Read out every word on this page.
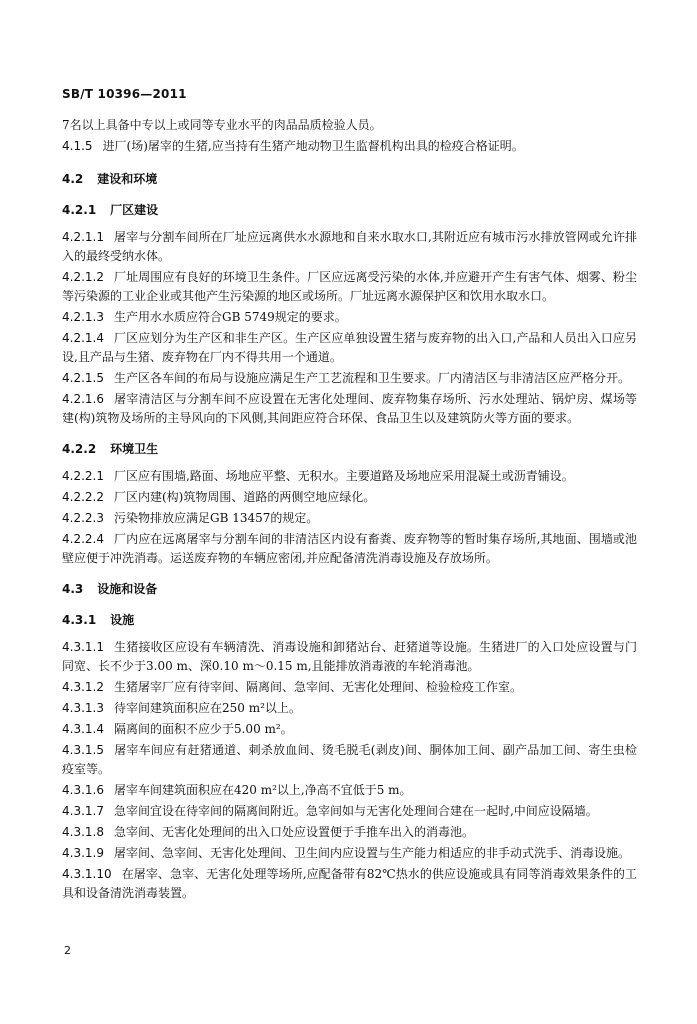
SB/T 10396—2011

7名以上具备中专以上或同等专业水平的肉品品质检验人员。

4.1.5 进厂(场)屠宰的生猪,应当持有生猪产地动物卫生监督机构出具的检疫合格证明。

4.2 建设和环境
4.2.1 厂区建设

4.2.1.1 屠宰与分割车间所在厂址应远离供水水源地和自来水取水口,其附近应有城市污水排放管网或允许排入的最终受纳水体。

4.2.1.2 厂址周围应有良好的环境卫生条件。厂区应远离受污染的水体,并应避开产生有害气体、烟雾、粉尘等污染源的工业企业或其他产生污染源的地区或场所。厂址远离水源保护区和饮用水取水口。

4.2.1.3 生产用水水质应符合GB 5749规定的要求。

4.2.1.4 厂区应划分为生产区和非生产区。生产区应单独设置生猪与废弃物的出入口,产品和人员出入口应另设,且产品与生猪、废弃物在厂内不得共用一个通道。

4.2.1.5 生产区各车间的布局与设施应满足生产工艺流程和卫生要求。厂内清洁区与非清洁区应严格分开。

4.2.1.6 屠宰清洁区与分割车间不应设置在无害化处理间、废弃物集存场所、污水处理站、锅炉房、煤场等建(构)筑物及场所的主导风向的下风侧,其间距应符合环保、食品卫生以及建筑防火等方面的要求。

4.2.2 环境卫生

4.2.2.1 厂区应有围墙,路面、场地应平整、无积水。主要道路及场地应采用混凝土或沥青铺设。

4.2.2.2 厂区内建(构)筑物周围、道路的两侧空地应绿化。

4.2.2.3 污染物排放应满足GB 13457的规定。

4.2.2.4 厂内应在远离屠宰与分割车间的非清洁区内设有畜粪、废弃物等的暂时集存场所,其地面、围墙或池壁应便于冲洗消毒。运送废弃物的车辆应密闭,并应配备清洗消毒设施及存放场所。

4.3 设施和设备
4.3.1 设施

4.3.1.1 生猪接收区应设有车辆清洗、消毒设施和卸猪站台、赶猪道等设施。生猪进厂的入口处应设置与门同宽、长不少于3.00 m、深0.10 m～0.15 m,且能排放消毒液的车轮消毒池。

4.3.1.2 生猪屠宰厂应有待宰间、隔离间、急宰间、无害化处理间、检验检疫工作室。

4.3.1.3 待宰间建筑面积应在250 m²以上。

4.3.1.4 隔离间的面积不应少于5.00 m²。

4.3.1.5 屠宰车间应有赶猪通道、刺杀放血间、烫毛脱毛(剥皮)间、胴体加工间、副产品加工间、寄生虫检疫室等。

4.3.1.6 屠宰车间建筑面积应在420 m²以上,净高不宜低于5 m。

4.3.1.7 急宰间宜设在待宰间的隔离间附近。急宰间如与无害化处理间合建在一起时,中间应设隔墙。

4.3.1.8 急宰间、无害化处理间的出入口处应设置便于手推车出入的消毒池。

4.3.1.9 屠宰间、急宰间、无害化处理间、卫生间内应设置与生产能力相适应的非手动式洗手、消毒设施。

4.3.1.10 在屠宰、急宰、无害化处理等场所,应配备带有82℃热水的供应设施或具有同等消毒效果条件的工具和设备清洗消毒装置。

2
